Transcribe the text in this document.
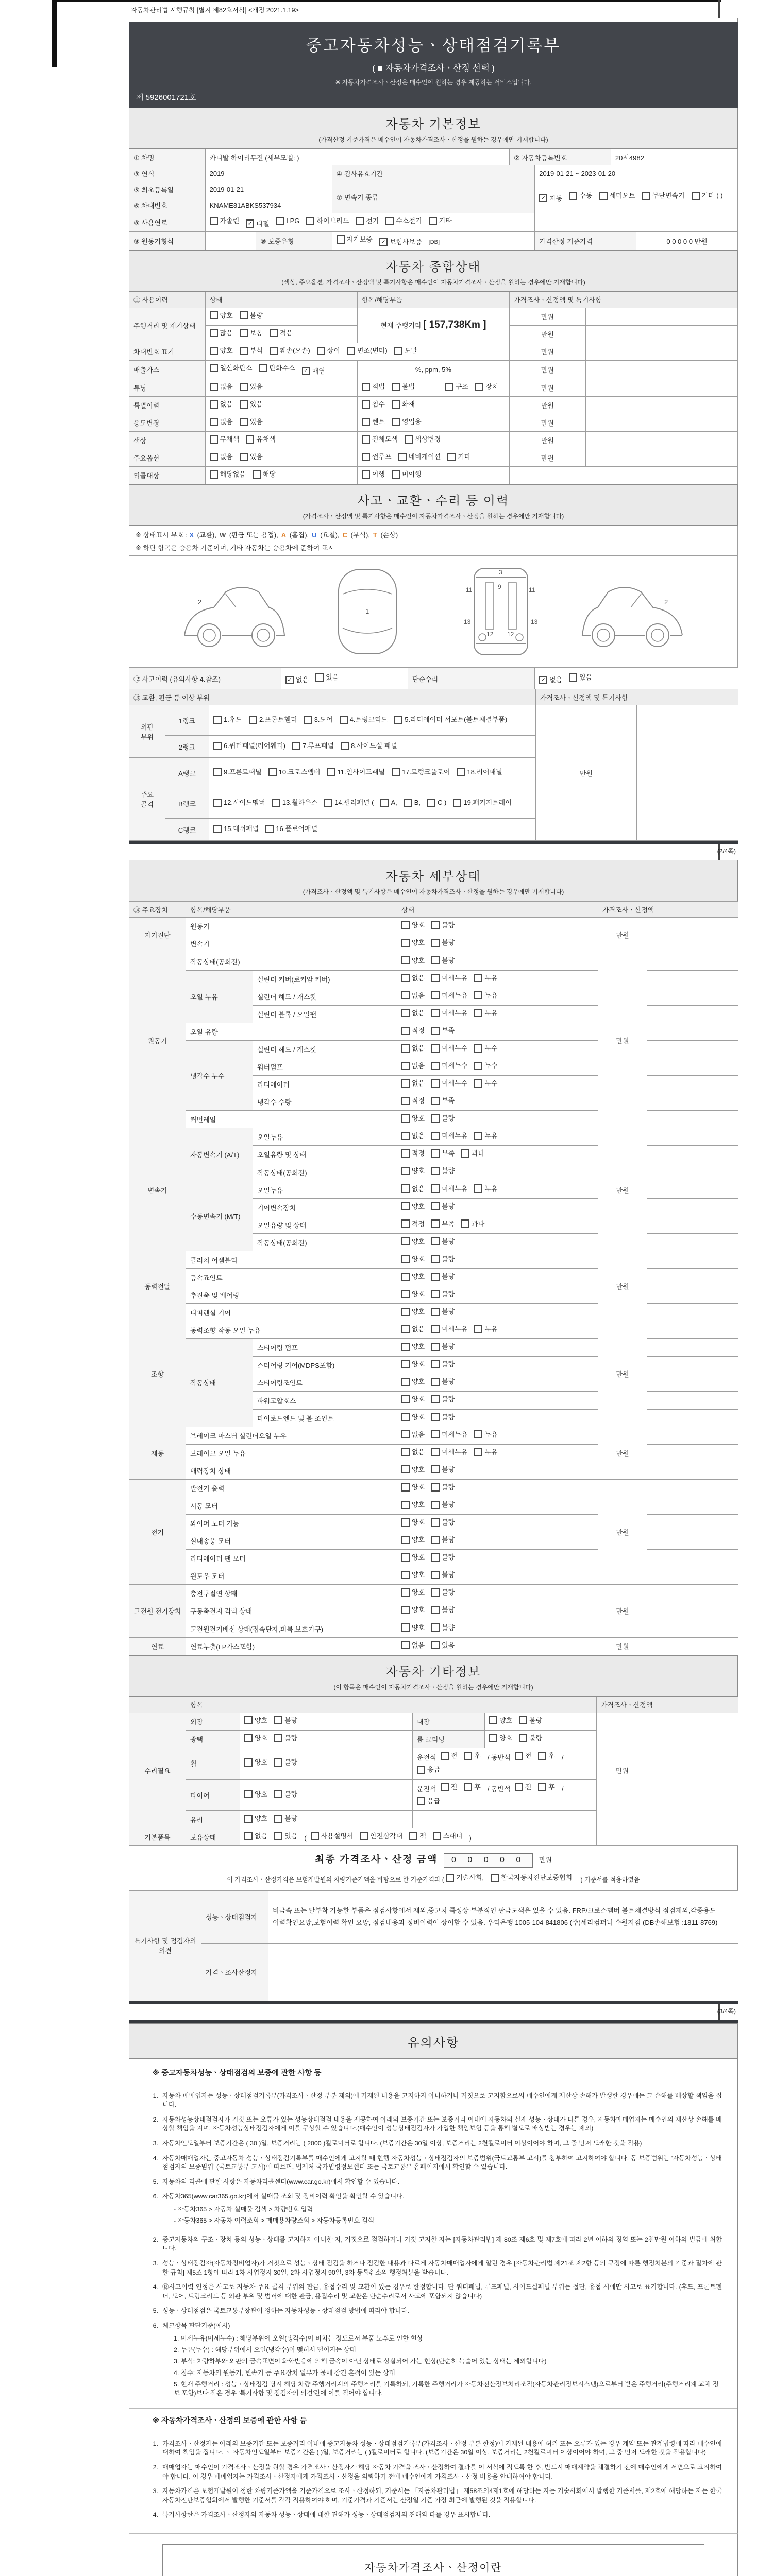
자동차관리법 시행규칙 [별지 제82호서식] <개정 2021.1.19>
중고자동차성능ㆍ상태점검기록부
( ■ 자동차가격조사ㆍ산정 선택 )
※ 자동차가격조사ㆍ산정은 매수인이 원하는 경우 제공하는 서비스입니다.
제 5926001721호
자동차 기본정보
(가격산정 기준가격은 매수인이 자동차가격조사ㆍ산정을 원하는 경우에만 기재합니다)
① 차명	카니발 하이리무진 (세부모델: )			② 자동차등록번호		20서4982	
③ 연식	2019		④ 검사유효기간		2019-01-21 ~ 2023-01-20		
⑤ 최초등록일	2019-01-21	⑦ 변속기 종류	✓ 자동	수동	세미오토	무단변속기	기타 ( )

⑥ 차대번호	KNAME81ABKS537934						
⑧ 사용연료	가솔린	✓ 디젤	LPG	하이브리드	전기	수소전기	기타

⑨ 원동기형식		⑩ 보증유형	자가보증 ✓ 보험사보증 [DB]		가격산정 기준가격		0 0 0 0 0 만원
자동차 종합상태
(색상, 주요옵션, 가격조사ㆍ산정액 및 특기사항은 매수인이 자동차가격조사ㆍ산정을 원하는 경우에만 기재합니다)
⑪ 사용이력	상태	항목/해당부품	가격조사ㆍ산정액 및 특기사항	
주행거리 및 계기상태	양호 불량	현재 주행거리 [ 157,738Km ]	만원	

	많음 보통 적음		만원	
차대번호 표기	양호	부식	훼손(오손)	상이	변조(변타)	도말	만원	
배출가스	일산화탄소 탄화수소 ✓ 매연	%, ppm, 5%	만원	
튜닝	없음 있음	적법 불법 구조 장치	만원	
특별이력	없음 있음	침수 화재	만원	
용도변경	없음 있음	렌트 영업용	만원	
색상	무채색 유채색	전체도색 색상변경	만원	
주요옵션	없음 있음	썬루프 네비게이션 기타	만원	
리콜대상	해당없음 해당	이행 미이행		

사고ㆍ교환ㆍ수리 등 이력
(가격조사ㆍ산정액 및 특기사항은 매수인이 자동차가격조사ㆍ산정을 원하는 경우에만 기재합니다)
※ 상태표시 부호 : X (교환), W (판금 또는 용접), A (흠집), U (요철), C (부식), T (손상)
※ 하단 항목은 승용차 기준이며, 기타 자동차는 승용차에 준하여 표시
2
1
3
9
11	11
13	13
12 12
2
⑫ 사고이력 (유의사항 4.참조)	✓ 없음	있음	단순수리	✓ 없음	있음
⑬ 교환, 판금 등 이상 부위			가격조사ㆍ산정액 및 특기사항	
외판 부위	1랭크	1.후드 2.프론트휀더 3.도어 4.트렁크리드 5.라디에이터 서포트(볼트체결부품)	만원	
	2랭크	6.쿼터패널(리어휀더) 7.루프패널 8.사이드실 패널		

주요 골격	A랭크	9.프론트패널 10.크로스멤버 11.인사이드패널 17.트렁크플로어 18.리어패널		

B랭크	12.사이드멤버	13.휠하우스	14.필러패널 (	A,	B,	C )	19.패키지트레이

	C랭크	15.대쉬패널 16.플로어패널		
(2/4쪽)
자동차 세부상태
(가격조사ㆍ산정액 및 특기사항은 매수인이 자동차가격조사ㆍ산정을 원하는 경우에만 기재합니다)
⑭ 주요장치	항목/해당부품		상태	가격조사ㆍ산정액	
자기진단	원동기		양호 불량	만원	
	변속기		양호 불량		

원동기	작동상태(공회전)		양호 불량	만원	
	오일 누유	실린더 커버(로커암 커버)	없음 미세누유 누유		

		실린더 헤드 / 개스킷	없음 미세누유 누유		

		실린더 블록 / 오일팬	없음 미세누유 누유		

	오일 유량		적정 부족		

	냉각수 누수	실린더 헤드 / 개스킷	없음 미세누수 누수		

		워터펌프	없음 미세누수 누수		

		라디에이터	없음 미세누수 누수		

		냉각수 수량	적정 부족		

	커먼레일		양호 불량		

변속기	자동변속기 (A/T)	오일누유	없음 미세누유 누유	만원	
		오일유량 및 상태	적정 부족 과다		

		작동상태(공회전)	양호 불량		

	수동변속기 (M/T)	오일누유	없음 미세누유 누유		

		기어변속장치	양호 불량		

		오일유량 및 상태	적정 부족 과다		

		작동상태(공회전)	양호 불량		

동력전달	클러치 어셈블리		양호 불량	만원	
	등속죠인트		양호 불량		

	추진축 및 베어링		양호 불량		

	디퍼렌셜 기어		양호 불량		

조향	동력조향 작동 오일 누유		없음 미세누유 누유	만원	
	작동상태	스티어링 펌프	양호 불량		

		스티어링 기어(MDPS포함)	양호 불량		

		스티어링조인트	양호 불량		

		파워고압호스	양호 불량		

		타이로드엔드 및 볼 조인트	양호 불량		

제동	브레이크 마스터 실린더오일 누유		없음 미세누유 누유	만원	
	브레이크 오일 누유		없음 미세누유 누유		

	배력장치 상태		양호 불량		

전기	발전기 출력		양호 불량	만원	
	시동 모터		양호 불량		

	와이퍼 모터 기능		양호 불량		

	실내송풍 모터		양호 불량		

	라디에이터 팬 모터		양호 불량		

	윈도우 모터		양호 불량		

고전원 전기장치	충전구절연 상태		양호 불량	만원	
	구동축전지 격리 상태		양호 불량		

	고전원전기배선 상태(접속단자,피복,보호기구)		양호 불량		

연료	연료누출(LP가스포함)		없음 있음	만원	
자동차 기타정보
(이 항목은 매수인이 자동차가격조사ㆍ산정을 원하는 경우에만 기재합니다)
	항목				가격조사ㆍ산정액	
수리필요	외장	양호 불량	내장	양호 불량	만원	
	광택	양호 불량	룸 크리닝	양호 불량		

휠	양호	불량
	운전석 전	후 / 동반석 전	후 /
응급

타이어	양호	불량
	운전석 전	후 / 동반석 전	후 /
응급

	유리	양호 불량				

기본품목	보유상태	없음	있음 ( 사용설명서	안전삼각대	잭	스패너 )	
최종 가격조사ㆍ산정 금액 0 0 0 0 0 만원
이 가격조사ㆍ산정가격은 보험개발원의 차량기준가액을 바탕으로 한 기준가격과 ( 기술사회,	한국자동차진단보증협회 ) 기준서를 적용하였음
특기사항 및 점검자의 의견	성능ㆍ상태점검자	비금속 또는 탈부착 가능한 부품은 점검사항에서 제외,중고차 특성상 부분적인 판금도색은 있을 수 있음. FRP/크로스멤버 볼트체결방식 점검제외,각종용도 이력확인요망,보험이력 확인 요망, 점검내용과 정비이력이 상이할 수 있음. 우리은행 1005-104-841806 (주)세라컴퍼니 수원지점 (DB손해보험 :1811-8769)
	가격ㆍ조사산정자	
(3/4쪽)
유의사항
※ 중고자동차성능ㆍ상태점검의 보증에 관한 사항 등
1. 자동차 매매업자는 성능ㆍ상태점검기록부(가격조사ㆍ산정 부분 제외)에 기재된 내용을 고지하지 아니하거나 거짓으로 고지함으로써 매수인에게 재산상 손해가 발생한 경우에는 그 손해를 배상할 책임을 집니다.
2. 자동차성능상태점검자가 거짓 또는 오류가 있는 성능상태점검 내용을 제공하여 아래의 보증기간 또는 보증거리 이내에 자동차의 실제 성능ㆍ상태가 다른 경우, 자동차매매업자는 매수인의 재산상 손해를 배상할 책임을 지며, 자동차성능상태점검자에게 이를 구상할 수 있습니다.(매수인이 성능상태점검자가 가입한 책임보험 등을 통해 별도로 배상받는 경우는 제외)
3. 자동차인도일부터 보증기간은 ( 30 )일, 보증거리는 ( 2000 )킬로미터로 합니다. (보증기간은 30일 이상, 보증거리는 2천킬로미터 이상이어야 하며, 그 중 먼저 도래한 것을 적용)
4. 자동차매매업자는 중고자동차 성능ㆍ상태점검기록부를 매수인에게 고지할 때 현행 자동차성능ㆍ상태점검자의 보증범위(국토교통부 고시)를 첨부하여 고지하여야 합니다. 동 보증범위는 '자동차성능ㆍ상태점검자의 보증범위' (국토교통부 고시)에 따르며, 법제처 국가법령정보센터 또는 국토교통부 홈페이지에서 확인할 수 있습니다.
5. 자동차의 리콜에 관한 사항은 자동차리콜센터(www.car.go.kr)에서 확인할 수 있습니다.
6. 자동차365(www.car365.go.kr)에서 실매물 조회 및 정비이력 확인을 확인할 수 있습니다.
- 자동차365 > 자동차 실매물 검색 > 차량번호 입력
- 자동차365 > 자동차 이력조회 > 매매용차량조회 > 자동차등록번호 검색
2. 중고자동차의 구조ㆍ장치 등의 성능ㆍ상태를 고지하지 아니한 자, 거짓으로 점검하거나 거짓 고지한 자는 [자동차관리법] 제 80조 제6호 및 제7호에 따라 2년 이하의 징역 또는 2천만원 이하의 벌금에 처합니다.
3. 성능ㆍ상태점검자(자동차정비업자)가 거짓으로 성능ㆍ상태 점검을 하거나 점검한 내용과 다르게 자동차매매업자에게 알린 경우 [자동차관리법 제21조 제2항 등의 규정에 따른 행정처분의 기준과 절차에 관한 규칙] 제5조 1항에 따라 1차 사업정지 30일, 2차 사업정지 90일, 3차 등록취소의 행정처분을 받습니다.
4. ⑫사고이력 인정은 사고로 자동차 주요 골격 부위의 판금, 용접수리 및 교환이 있는 경우로 한정합니다. 단 쿼터패널, 루프패널, 사이드실패널 부위는 절단, 용접 시에만 사고로 표기합니다. (후드, 프론트펜더, 도어, 트렁크리드 등 외판 부위 및 범퍼에 대한 판금, 용접수리 및 교환은 단순수리로서 사고에 포함되지 않습니다)
5. 성능ㆍ상태점검은 국토교통부장관이 정하는 자동차성능ㆍ상태점검 방법에 따라야 합니다.
6. 체크항목 판단기준(예시)
1. 미세누유(미세누수) : 해당부위에 오일(냉각수)이 비치는 정도로서 부품 노후로 인한 현상
2. 누유(누수) : 해당부위에서 오일(냉각수)이 맺혀서 떨어지는 상태
3. 부식: 차량하부와 외판의 금속표면이 화학반응에 의해 금속이 아닌 상태로 상실되어 가는 현상(단순히 녹슬어 있는 상태는 제외합니다)
4. 침수: 자동차의 원동기, 변속기 등 주요장치 일부가 물에 잠긴 흔적이 있는 상태
5. 현재 주행거리 : 성능ㆍ상태점검 당시 해당 차량 주행거리계의 주행거리를 기록하되, 기록한 주행거리가 자동차전산정보처리조직(자동차관리정보시스템)으로부터 받은 주행거리(주행거리계 교체 정보 포함)보다 적은 경우 '특기사항 및 점검자의 의견'란에 이를 적어야 합니다.
※ 자동차가격조사ㆍ산정의 보증에 관한 사항 등
1. 가격조사ㆍ산정자는 아래의 보증기간 또는 보증거리 이내에 중고자동차 성능ㆍ상태점검기록부(가격조사ㆍ산정 부분 한정)에 기재된 내용에 허위 또는 오류가 있는 경우 계약 또는 관계법령에 따라 매수인에 대하여 책임을 집니다. ㆍ 자동차인도일부터 보증기간은 ( )일, 보증거리는 ( )킬로미터로 합니다. (보증기간은 30일 이상, 보증거리는 2천킬로미터 이상이어야 하며, 그 중 먼저 도래한 것을 적용합니다)
2. 매매업자는 매수인이 가격조사ㆍ산정을 원할 경우 가격조사ㆍ산정자가 해당 자동차 가격을 조사ㆍ산정하여 결과를 이 서식에 적도록 한 후, 반드시 매매계약을 체결하기 전에 매수인에게 서면으로 고지하여야 합니다. 이 경우 매매업자는 가격조사ㆍ산정자에게 가격조사ㆍ산정을 의뢰하기 전에 매수인에게 가격조사ㆍ산정 비용을 안내하여야 합니다.
3. 자동차가격은 보험개발원이 정한 차량기준가액을 기준가격으로 조사ㆍ산정하되, 기준서는 「자동차관리법」 제58조의4제1호에 해당하는 자는 기술사회에서 발행한 기준서를, 제2호에 해당하는 자는 한국자동차진단보증협회에서 발행한 기준서를 각각 적용하여야 하며, 기준가격과 기준서는 산정일 기준 가장 최근에 발행된 것을 적용합니다.
4. 특기사항란은 가격조사ㆍ산정자의 자동차 성능ㆍ상태에 대한 견해가 성능ㆍ상태점검자의 견해와 다를 경우 표시합니다.
자동차가격조사ㆍ산정이란
